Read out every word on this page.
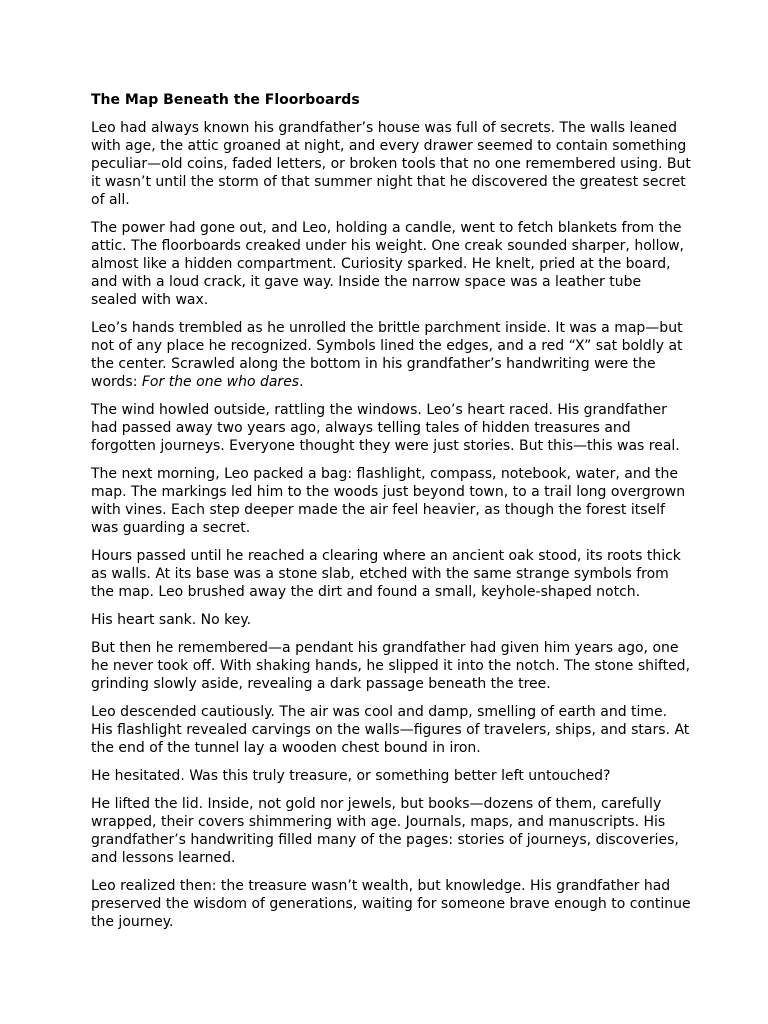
The Map Beneath the Floorboards

Leo had always known his grandfather’s house was full of secrets. The walls leaned with age, the attic groaned at night, and every drawer seemed to contain something peculiar—old coins, faded letters, or broken tools that no one remembered using. But it wasn’t until the storm of that summer night that he discovered the greatest secret of all.

The power had gone out, and Leo, holding a candle, went to fetch blankets from the attic. The floorboards creaked under his weight. One creak sounded sharper, hollow, almost like a hidden compartment. Curiosity sparked. He knelt, pried at the board, and with a loud crack, it gave way. Inside the narrow space was a leather tube sealed with wax.

Leo’s hands trembled as he unrolled the brittle parchment inside. It was a map—but not of any place he recognized. Symbols lined the edges, and a red “X” sat boldly at the center. Scrawled along the bottom in his grandfather’s handwriting were the words: For the one who dares.

The wind howled outside, rattling the windows. Leo’s heart raced. His grandfather had passed away two years ago, always telling tales of hidden treasures and forgotten journeys. Everyone thought they were just stories. But this—this was real.

The next morning, Leo packed a bag: flashlight, compass, notebook, water, and the map. The markings led him to the woods just beyond town, to a trail long overgrown with vines. Each step deeper made the air feel heavier, as though the forest itself was guarding a secret.

Hours passed until he reached a clearing where an ancient oak stood, its roots thick as walls. At its base was a stone slab, etched with the same strange symbols from the map. Leo brushed away the dirt and found a small, keyhole-shaped notch.

His heart sank. No key.

But then he remembered—a pendant his grandfather had given him years ago, one he never took off. With shaking hands, he slipped it into the notch. The stone shifted, grinding slowly aside, revealing a dark passage beneath the tree.

Leo descended cautiously. The air was cool and damp, smelling of earth and time. His flashlight revealed carvings on the walls—figures of travelers, ships, and stars. At the end of the tunnel lay a wooden chest bound in iron.

He hesitated. Was this truly treasure, or something better left untouched?

He lifted the lid. Inside, not gold nor jewels, but books—dozens of them, carefully wrapped, their covers shimmering with age. Journals, maps, and manuscripts. His grandfather’s handwriting filled many of the pages: stories of journeys, discoveries, and lessons learned.

Leo realized then: the treasure wasn’t wealth, but knowledge. His grandfather had preserved the wisdom of generations, waiting for someone brave enough to continue the journey.
